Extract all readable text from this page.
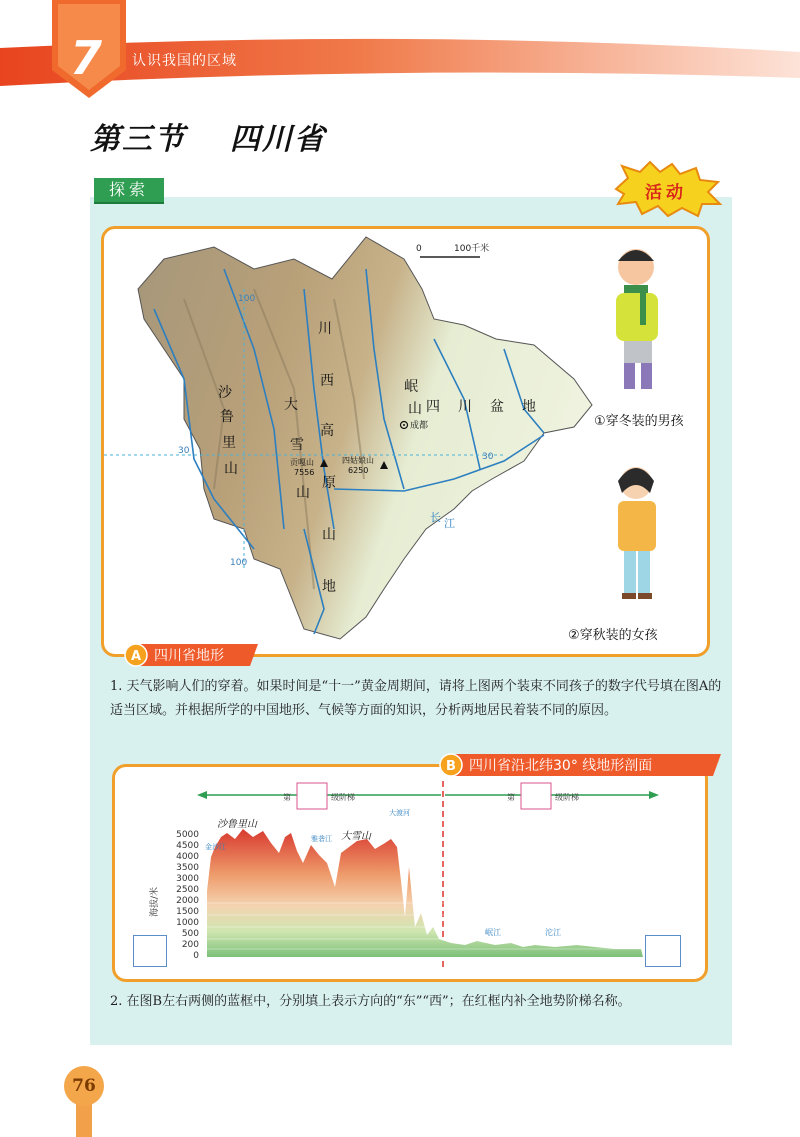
7	认识我国的区域
第三节 四川省
探索	活动
100
100
30
30
0	100千米
川
西
高
原
沙
鲁
里
山
大
雪
山
山
地
岷
山 四 川 盆 地
成都
贡嘎山
7556
四姑娘山
6250
长 江
①穿冬装的男孩
②穿秋装的女孩
A 四川省地形
1. 天气影响人们的穿着。如果时间是“十一”黄金周期间，请将上图两个装束不同孩子的数字代号填在图A的适当区域。并根据所学的中国地形、气候等方面的知识，分析两地居民着装不同的原因。
第	级阶梯	第	级阶梯
5000
4500
4000
3500
3000
2500
2000
1500
1000
500
200
0
海拔/米
沙鲁里山
大雪山
金沙江
雅砻江
大渡河
岷江	沱江
B 四川省沿北纬30° 线地形剖面
2. 在图B左右两侧的蓝框中，分别填上表示方向的“东”“西”；在红框内补全地势阶梯名称。
76
